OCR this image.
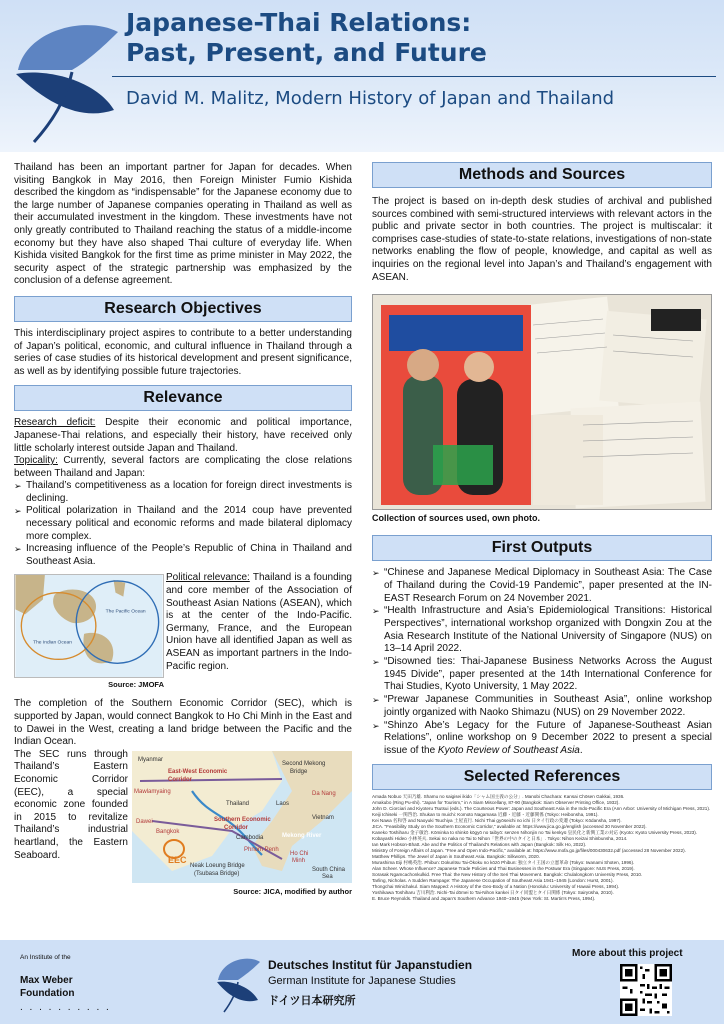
Japanese-Thai Relations:
Past, Present, and Future
David M. Malitz, Modern History of Japan and Thailand

Thailand has been an important partner for Japan for decades. When visiting Bangkok in May 2016, then Foreign Minister Fumio Kishida described the kingdom as “indispensable” for the Japanese economy due to the large number of Japanese companies operating in Thailand as well as their accumulated investment in the kingdom. These investments have not only greatly contributed to Thailand reaching the status of a middle-income economy but they have also shaped Thai culture of everyday life. When Kishida visited Bangkok for the first time as prime minister in May 2022, the security aspect of the strategic partnership was emphasized by the conclusion of a defense agreement.

Research Objectives

This interdisciplinary project aspires to contribute to a better understanding of Japan’s political, economic, and cultural influence in Thailand through a series of case studies of its historical development and present significance, as well as by identifying possible future trajectories.

Relevance

Research deficit: Despite their economic and political importance, Japanese-Thai relations, and especially their history, have received only little scholarly interest outside Japan and Thailand.

Topicality: Currently, several factors are complicating the close relations between Thailand and Japan:

➢ Thailand’s competitiveness as a location for foreign direct investments is declining.
➢ Political polarization in Thailand and the 2014 coup have prevented necessary political and economic reforms and made bilateral diplomacy more complex.
➢ Increasing influence of the People’s Republic of China in Thailand and Southeast Asia.
The Pacific Ocean
The Indian Ocean
Source: JMOFA

Political relevance: Thailand is a founding and core member of the Association of Southeast Asian Nations (ASEAN), which is at the center of the Indo-Pacific. Germany, France, and the European Union have all identified Japan as well as ASEAN as important partners in the Indo-Pacific region.

The completion of the Southern Economic Corridor (SEC), which is supported by Japan, would connect Bangkok to Ho Chi Minh in the East and to Dawei in the West, creating a land bridge between the Pacific and the Indian Ocean.

The SEC runs through Thailand’s Eastern Economic Corridor (EEC), a special economic zone founded in 2015 to revitalize Thailand’s industrial heartland, the Eastern Seaboard.

Myanmar
East-West Economic
Corridor
Mawlamyaing
Second Mekong
Bridge
Da Nang
Thailand	Laos
Dawei
Bangkok
Southern Economic
Corridor
Vietnam
Cambodia	Mekong River
EEC
Phnom Penh
Ho Chi
Minh
Neak Loeung Bridge
(Tsubasa Bridge)
South China
Sea
Source: JICA, modified by author
Methods and Sources

The project is based on in-depth desk studies of archival and published sources combined with semi-structured interviews with relevant actors in the public and private sector in both countries. The project is multiscalar: it comprises case-studies of state-to-state relations, investigations of non-state networks enabling the flow of people, knowledge, and capital as well as inquiries on the regional level into Japan’s and Thailand’s engagement with ASEAN.

Collection of sources used, own photo.
First Outputs
➢ “Chinese and Japanese Medical Diplomacy in Southeast Asia: The Case of Thailand during the Covid-19 Pandemic”, paper presented at the IN-EAST Research Forum on 24 November 2021.
➢ “Health Infrastructure and Asia’s Epidemiological Transitions: Historical Perspectives”, international workshop organized with Dongxin Zou at the Asia Research Institute of the National University of Singapore (NUS) on 13–14 April 2022.
➢ “Disowned ties: Thai-Japanese Business Networks Across the August 1945 Divide”, paper presented at the 14th International Conference for Thai Studies, Kyoto University, 1 May 2022.
➢ “Prewar Japanese Communities in Southeast Asia”, online workshop jointly organized with Naoko Shimazu (NUS) on 29 November 2022.
➢ “Shinzo Abe’s Legacy for the Future of Japanese-Southeast Asian Relations”, online workshop on 9 December 2022 to present a special issue of the Kyoto Review of Southeast Asia.
Selected References
Amada Nobuo 天田乃雄. Shamu no saigisei ikido「シャム国主義の公分」. Manobi Chachara: Kansai Chōsen Gakkai, 1936.
Amakubo (Ring Pu-shi). "Japan for Tourism," in A Siam Miscellany, 87-90 (Bangkok: Siam Observer Printing Office, 1932).
John D. Ciorciari and Kiyoteru Tsutsui (eds.). The Courteous Power: Japan and Southeast Asia in the Indo-Pacific Era (Ann Arbor: University of Michigan Press, 2021).
Keiji Ichiseki 一関啓治. Shukan to muichi: Komoto Nagamasa 近藤・近藤・近藤関係 (Tokyo: Heibonsha, 1991).
Kei Nawa 名和啓 and Naoyuki Tsuchiya 土屋直行. Nichi Thai gyōseichi no ichi 日タイ行政の変遷 (Tokyo: Kōdansha, 1997).
JICA. "Feasibility Study on the Southern Economic Corridor," available at: https://www.jica.go.jp/english (accessed 30 November 2022).
Kaneko Toshiharu 金子敏治. Kōminka to shinkō kōgyō no taibyō: senzen Nihonjin no Tai kenkyū 皇民化と新興工業の対応 (Kyoto: Kyoto University Press, 2023).
Kobayashi Hideo 小林英夫. Sekai no naka no Tai to Nihon「世界の中のタイと日本」. Tokyo: Nihon Keizai Shinbunsha, 2014.
Ian Mark Hobson-Bhatt. Abe and the Politics of Thailand's Relations with Japan (Bangkok: Silk Ho, 2022).
Ministry of Foreign Affairs of Japan. "Free and Open Indo-Pacific," available at: https://www.mofa.go.jp/files/000430632.pdf (accessed 28 November 2022).
Matthew Phillips. The Jewel of Japan in Southeast Asia. Bangkok: Silkworm, 2020.
Murashima Eiji 村嶋英治. Phibun: Dokuritsu Tai-Ōkoku no kōzō Phibun: 独立タイ王国の立憲革命 (Tokyo: Iwanami Shoten, 1996).
Alan Scheer. Whose Influence? Japanese Trade Policies and Thai Businesses in the Postwar Era (Singapore: NUS Press, 2019).
Sorasak Ngamcachonkulkid. Free Thai: the New History of the Seri Thai Movement. Bangkok: Chulalongkorn University Press, 2010.
Tarling, Nicholas. A Sudden Rampage: The Japanese Occupation of Southeast Asia 1941–1945 (London: Hurst, 2001).
Thongchai Winichakul. Siam Mapped: A History of the Geo-Body of a Nation (Honolulu: University of Hawaii Press, 1994).
Yoshikawa Toshiharu 吉川利治. Nichi-Tai dōmei to Tai-Nihon kankei 日タイ同盟とタイ日関係 (Tokyo: Sairyūsha, 2010).
E. Bruce Reynolds. Thailand and Japan's Southern Advance 1940–1945 (New York: St. Martin's Press, 1994).
An Institute of the
Max Weber
Foundation
. . . . . . . . . .
Deutsches Institut für Japanstudien
German Institute for Japanese Studies
ドイツ日本研究所
More about this project
